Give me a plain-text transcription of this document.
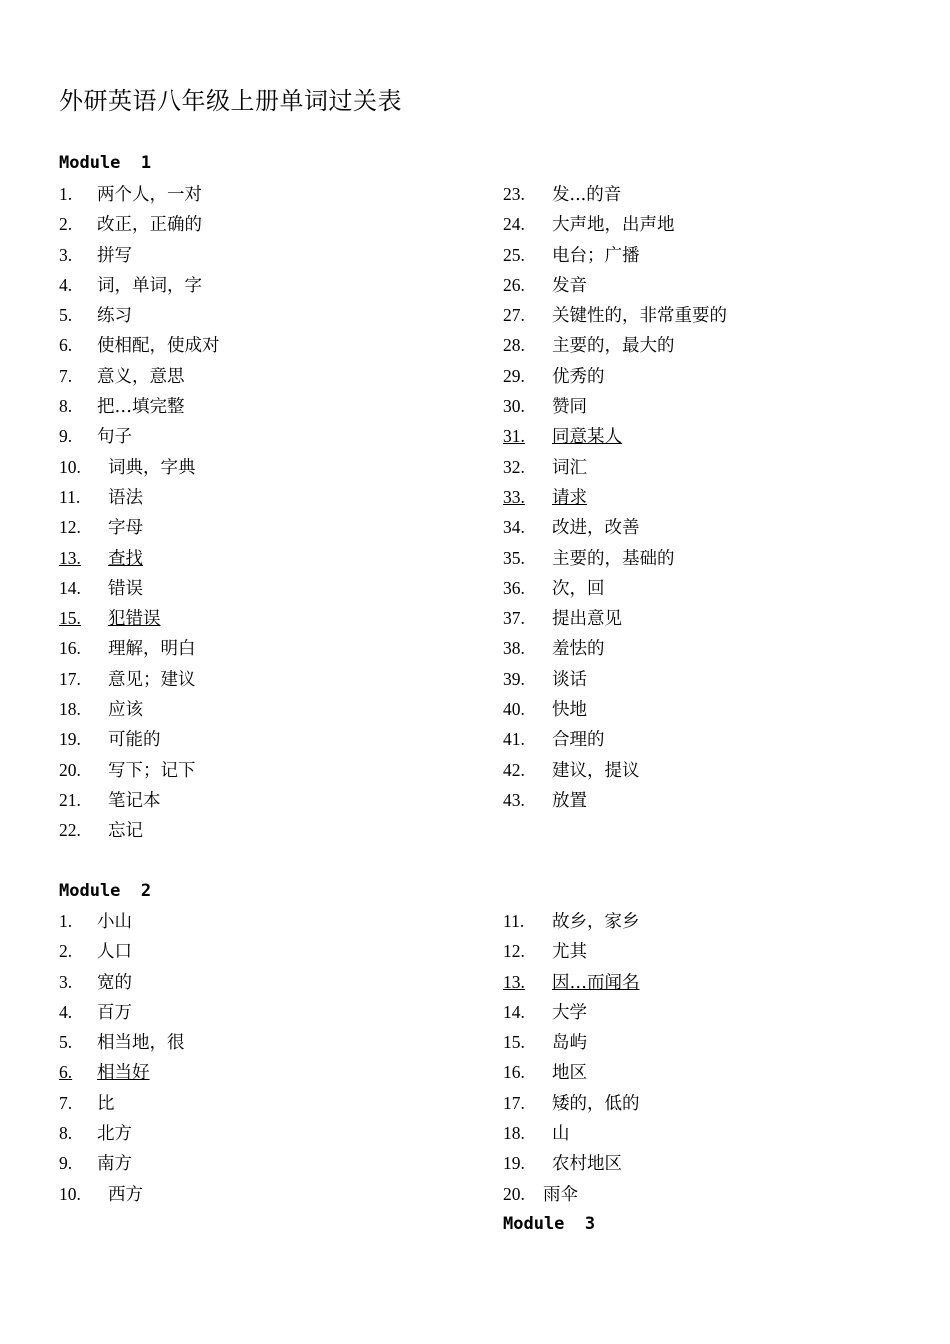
外研英语八年级上册单词过关表
Module  1
1. 两个人，一对
2. 改正，正确的
3. 拼写
4. 词，单词，字
5. 练习
6. 使相配，使成对
7. 意义，意思
8. 把…填完整
9. 句子
10. 词典，字典
11. 语法
12. 字母
13. 查找
14. 错误
15. 犯错误
16. 理解，明白
17. 意见；建议
18. 应该
19. 可能的
20. 写下；记下
21. 笔记本
22. 忘记
23. 发...的音
24. 大声地，出声地
25. 电台；广播
26. 发音
27. 关键性的，非常重要的
28. 主要的，最大的
29. 优秀的
30. 赞同
31. 同意某人
32. 词汇
33. 请求
34. 改进，改善
35. 主要的，基础的
36. 次，回
37. 提出意见
38. 羞怯的
39. 谈话
40. 快地
41. 合理的
42. 建议，提议
43. 放置
Module  2
1. 小山
2. 人口
3. 宽的
4. 百万
5. 相当地，很
6. 相当好
7. 比
8. 北方
9. 南方
10. 西方
11. 故乡，家乡
12. 尤其
13. 因…而闻名
14. 大学
15. 岛屿
16. 地区
17. 矮的，低的
18. 山
19. 农村地区
20. 雨伞
Module  3
